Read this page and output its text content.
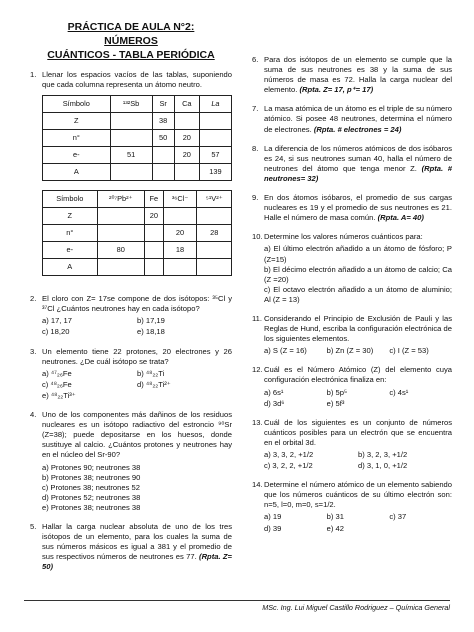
PRÁCTICA DE AULA N°2: NÚMEROS
CUÁNTICOS - TABLA PERIÓDICA
1. Llenar los espacios vacíos de las tablas, suponiendo que cada columna representa un átomo neutro.
Símbolo	¹³²Sb	Sr	Ca	La
Z		38		
n°		50	20	
e-	51		20	57
A				139
Símbolo	²⁰⁷Pb²⁺	Fe	³⁶Cl⁻	⁵¹V²⁺
Z		20		
n°			20	28
e-	80		18	
A				
2. El cloro con Z= 17se compone de dos isótopos: ³⁵Cl y ³⁷Cl ¿Cuántos neutrones hay en cada isótopo?
a) 17, 17	b) 17,19
c) 18,20	e) 18,18
3. Un elemento tiene 22 protones, 20 electrones y 26 neutrones. ¿De cuál isótopo se trata?
a) ⁴⁷₂₆Fe	b) ⁴⁸₂₂Ti
c) ⁴⁸₂₆Fe	d) ⁴⁸₂₂Ti²⁺
e) ⁴⁸₂₂Ti³⁺
4. Uno de los componentes más dañinos de los residuos nucleares es un isótopo radiactivo del estroncio ⁹⁰Sr (Z=38); puede depositarse en los huesos, donde sustituye al calcio. ¿Cuántos protones y neutrones hay en el núcleo del Sr-90?
a) Protones 90; neutrones 38
b) Protones 38; neutrones 90
c) Protones 38; neutrones 52
d) Protones 52; neutrones 38
e) Protones 38; neutrones 38
5. Hallar la carga nuclear absoluta de uno de los tres isótopos de un elemento, para los cuales la suma de sus números másicos es igual a 381 y el promedio de sus respectivos números de neutrones es 77. (Rpta. Z= 50)
6. Para dos isótopos de un elemento se cumple que la suma de sus neutrones es 38 y la suma de sus números de masa es 72. Halla la carga nuclear del elemento. (Rpta. Z= 17, p⁺= 17)
7. La masa atómica de un átomo es el triple de su número atómico. Si posee 48 neutrones, determina el número de electrones. (Rpta. # electrones = 24)
8. La diferencia de los números atómicos de dos isóbaros es 24, si sus neutrones suman 40, halla el número de neutrones del átomo que tenga menor Z. (Rpta. # neutrones= 32)
9. En dos átomos isóbaros, el promedio de sus cargas nucleares es 19 y el promedio de sus neutrones es 21. Halle el número de masa común. (Rpta. A= 40)
10. Determine los valores números cuánticos para:
a) El último electrón añadido a un átomo de fósforo; P (Z=15)
b) El décimo electrón añadido a un átomo de calcio; Ca (Z =20)
c) El octavo electrón añadido a un átomo de aluminio; Al (Z = 13)
11. Considerando el Principio de Exclusión de Pauli y las Reglas de Hund, escriba la configuración electrónica de los siguientes elementos.
a) S (Z = 16)	b) Zn (Z = 30)	c) I (Z = 53)
12. Cuál es el Número Atómico (Z) del elemento cuya configuración electrónica finaliza en:
a) 6s¹	b) 5p⁵	c) 4s¹
d) 3d⁶	e) 5f³
13. Cuál de los siguientes es un conjunto de números cuánticos posibles para un electrón que se encuentra en el orbital 3d.
a) 3, 3, 2, +1/2	b) 3, 2, 3, +1/2
c) 3, 2, 2, +1/2	d) 3, 1, 0, +1/2
14. Determine el número atómico de un elemento sabiendo que los números cuánticos de su último electrón son: n=5, l=0, m=0, s=1/2.
a) 19	b) 31	c) 37
d) 39	e) 42
MSc. Ing. Lui Miguel Castillo Rodriguez – Química General
